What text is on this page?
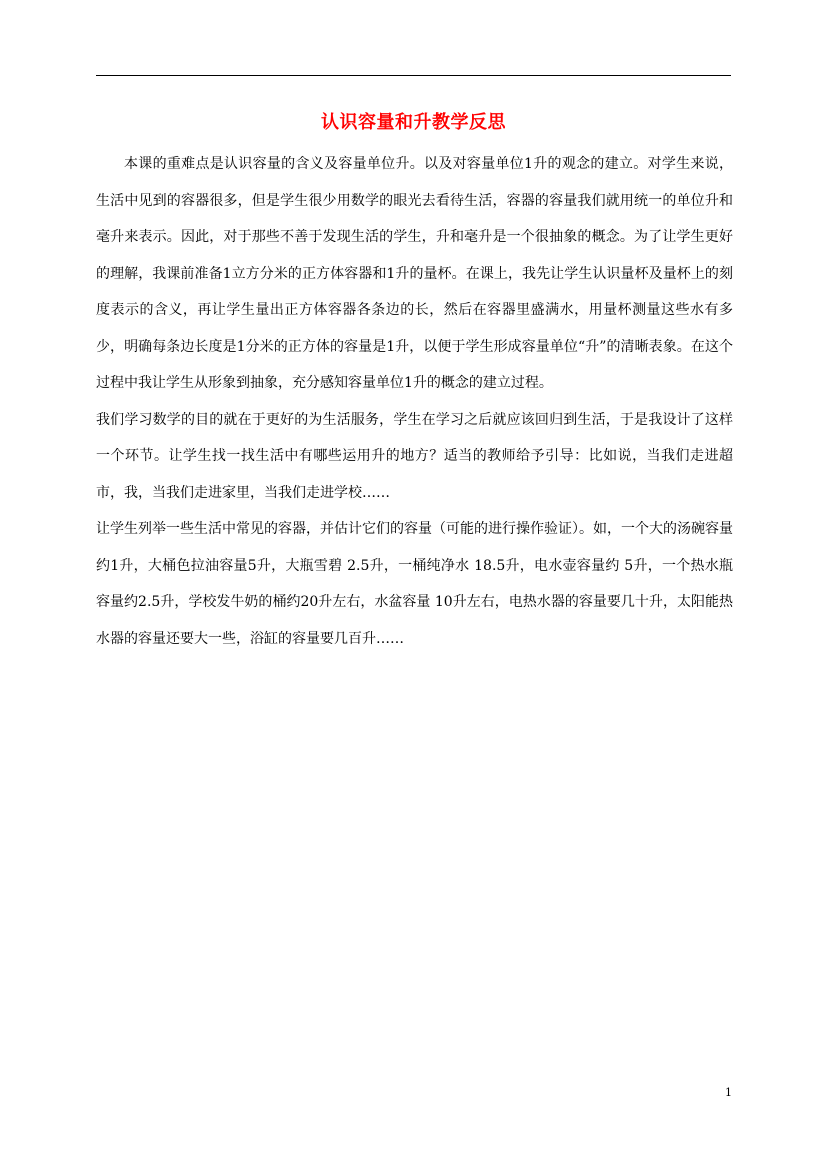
认识容量和升教学反思

本课的重难点是认识容量的含义及容量单位升。以及对容量单位1升的观念的建立。对学生来说，生活中见到的容器很多，但是学生很少用数学的眼光去看待生活，容器的容量我们就用统一的单位升和毫升来表示。因此，对于那些不善于发现生活的学生，升和毫升是一个很抽象的概念。为了让学生更好的理解，我课前准备1立方分米的正方体容器和1升的量杯。在课上，我先让学生认识量杯及量杯上的刻度表示的含义，再让学生量出正方体容器各条边的长，然后在容器里盛满水，用量杯测量这些水有多少，明确每条边长度是1分米的正方体的容量是1升，以便于学生形成容量单位“升”的清晰表象。在这个过程中我让学生从形象到抽象，充分感知容量单位1升的概念的建立过程。

我们学习数学的目的就在于更好的为生活服务，学生在学习之后就应该回归到生活，于是我设计了这样一个环节。让学生找一找生活中有哪些运用升的地方？适当的教师给予引导：比如说，当我们走进超市，我，当我们走进家里，当我们走进学校……

让学生列举一些生活中常见的容器，并估计它们的容量（可能的进行操作验证）。如，一个大的汤碗容量约1升，大桶色拉油容量5升，大瓶雪碧 2.5升，一桶纯净水 18.5升，电水壶容量约 5升，一个热水瓶容量约2.5升，学校发牛奶的桶约20升左右，水盆容量 10升左右，电热水器的容量要几十升，太阳能热水器的容量还要大一些，浴缸的容量要几百升……

1
